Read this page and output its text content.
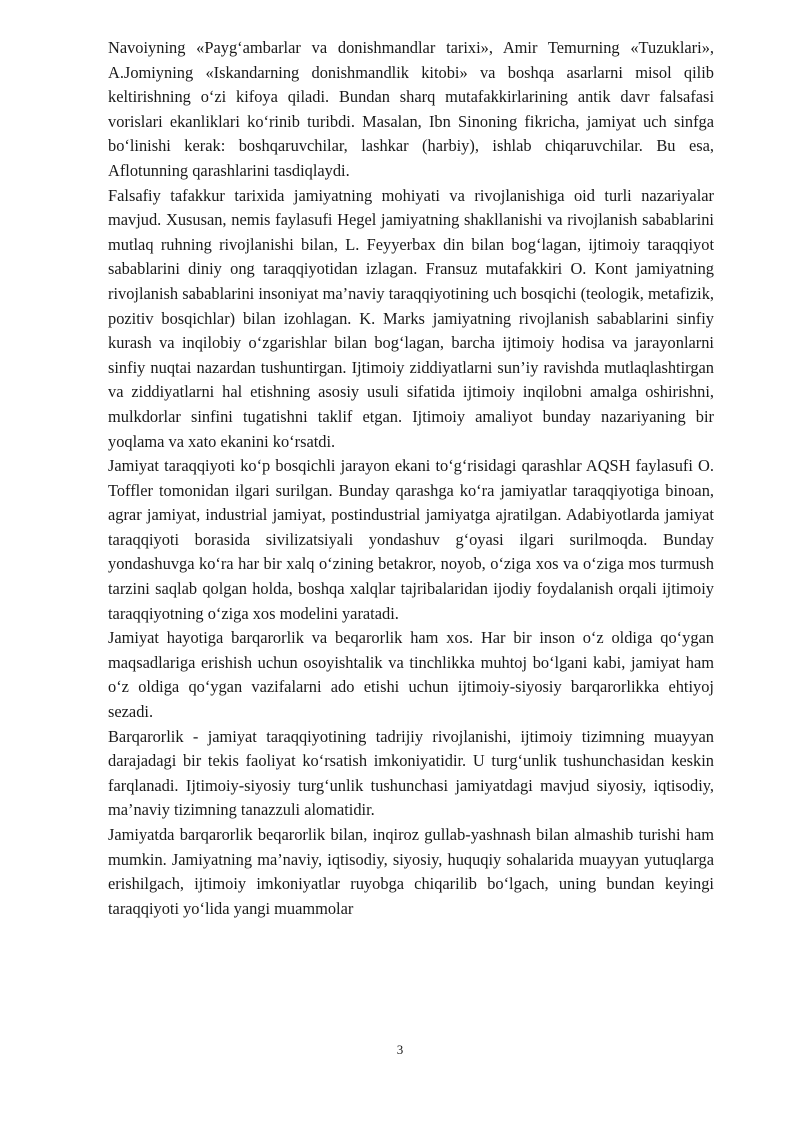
Navoiyning «Payg‘ambarlar va donishmandlar tarixi», Amir Temurning «Tuzuklari», A.Jomiyning «Iskandarning donishmandlik kitobi» va boshqa asarlarni misol qilib keltirishning o‘zi kifoya qiladi. Bundan sharq mutafakkirlarining antik davr falsafasi vorislari ekanliklari ko‘rinib turibdi. Masalan, Ibn Sinoning fikricha, jamiyat uch sinfga bo‘linishi kerak: boshqaruvchilar, lashkar (harbiy), ishlab chiqaruvchilar. Bu esa, Aflotunning qarashlarini tasdiqlaydi.

Falsafiy tafakkur tarixida jamiyatning mohiyati va rivojlanishiga oid turli nazariyalar mavjud. Xususan, nemis faylasufi Hegel jamiyatning shakllanishi va rivojlanish sabablarini mutlaq ruhning rivojlanishi bilan, L. Feyyerbax din bilan bog‘lagan, ijtimoiy taraqqiyot sabablarini diniy ong taraqqiyotidan izlagan. Fransuz mutafakkiri O. Kont jamiyatning rivojlanish sabablarini insoniyat ma’naviy taraqqiyotining uch bosqichi (teologik, metafizik, pozitiv bosqichlar) bilan izohlagan. K. Marks jamiyatning rivojlanish sabablarini sinfiy kurash va inqilobiy o‘zgarishlar bilan bog‘lagan, barcha ijtimoiy hodisa va jarayonlarni sinfiy nuqtai nazardan tushuntirgan. Ijtimoiy ziddiyatlarni sun’iy ravishda mutlaqlashtirgan va ziddiyatlarni hal etishning asosiy usuli sifatida ijtimoiy inqilobni amalga oshirishni, mulkdorlar sinfini tugatishni taklif etgan. Ijtimoiy amaliyot bunday nazariyaning bir yoqlama va xato ekanini ko‘rsatdi.

Jamiyat taraqqiyoti ko‘p bosqichli jarayon ekani to‘g‘risidagi qarashlar AQSH faylasufi O. Toffler tomonidan ilgari surilgan. Bunday qarashga ko‘ra jamiyatlar taraqqiyotiga binoan, agrar jamiyat, industrial jamiyat, postindustrial jamiyatga ajratilgan. Adabiyotlarda jamiyat taraqqiyoti borasida sivilizatsiyali yondashuv g‘oyasi ilgari surilmoqda. Bunday yondashuvga ko‘ra har bir xalq o‘zining betakror, noyob, o‘ziga xos va o‘ziga mos turmush tarzini saqlab qolgan holda, boshqa xalqlar tajribalaridan ijodiy foydalanish orqali ijtimoiy taraqqiyotning o‘ziga xos modelini yaratadi.

Jamiyat hayotiga barqarorlik va beqarorlik ham xos. Har bir inson o‘z oldiga qo‘ygan maqsadlariga erishish uchun osoyishtalik va tinchlikka muhtoj bo‘lgani kabi, jamiyat ham o‘z oldiga qo‘ygan vazifalarni ado etishi uchun ijtimoiy-siyosiy barqarorlikka ehtiyoj sezadi.

Barqarorlik - jamiyat taraqqiyotining tadrijiy rivojlanishi, ijtimoiy tizimning muayyan darajadagi bir tekis faoliyat ko‘rsatish imkoniyatidir. U turg‘unlik tushunchasidan keskin farqlanadi. Ijtimoiy-siyosiy turg‘unlik tushunchasi jamiyatdagi mavjud siyosiy, iqtisodiy, ma’naviy tizimning tanazzuli alomatidir.

Jamiyatda barqarorlik beqarorlik bilan, inqiroz gullab-yashnash bilan almashib turishi ham mumkin. Jamiyatning ma’naviy, iqtisodiy, siyosiy, huquqiy sohalarida muayyan yutuqlarga erishilgach, ijtimoiy imkoniyatlar ruyobga chiqarilib bo‘lgach, uning bundan keyingi taraqqiyoti yo‘lida yangi muammolar

3
